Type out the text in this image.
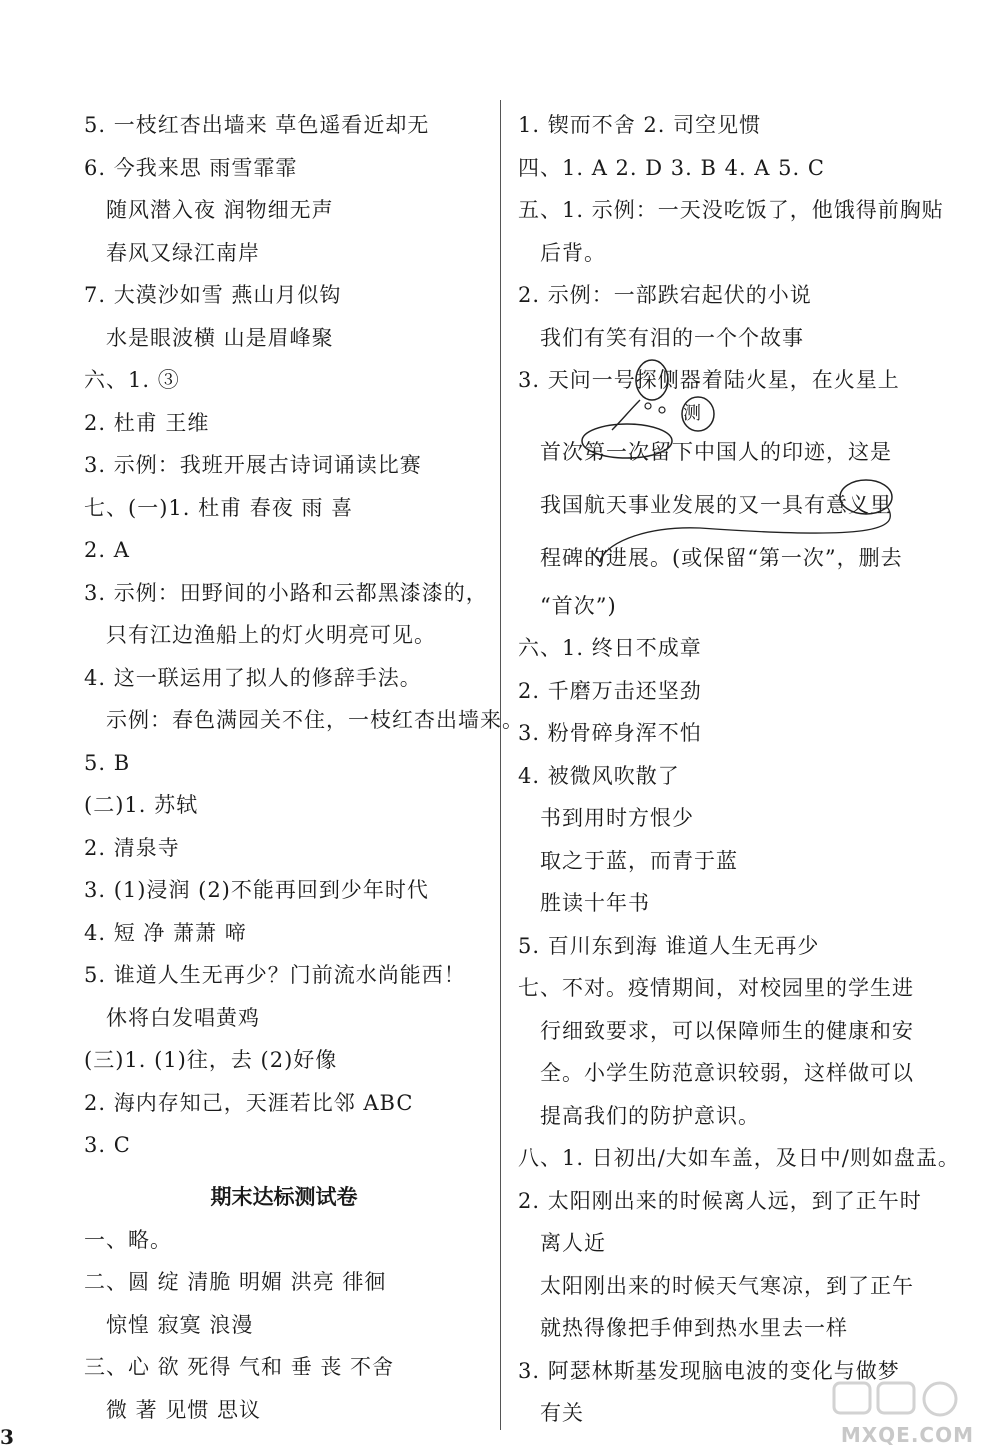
5. 一枝红杏出墙来 草色遥看近却无
6. 今我来思 雨雪霏霏
随风潜入夜 润物细无声
春风又绿江南岸
7. 大漠沙如雪 燕山月似钩
水是眼波横 山是眉峰聚
六、1. ③
2. 杜甫 王维
3. 示例：我班开展古诗词诵读比赛
七、(一)1. 杜甫 春夜 雨 喜
2. A
3. 示例：田野间的小路和云都黑漆漆的，
只有江边渔船上的灯火明亮可见。
4. 这一联运用了拟人的修辞手法。
示例：春色满园关不住，一枝红杏出墙来。
5. B
(二)1. 苏轼
2. 清泉寺
3. (1)浸润 (2)不能再回到少年时代
4. 短 净 萧萧 啼
5. 谁道人生无再少？门前流水尚能西！
休将白发唱黄鸡
(三)1. (1)往，去 (2)好像
2. 海内存知己，天涯若比邻 ABC
3. C
期末达标测试卷
一、略。
二、圆 绽 清脆 明媚 洪亮 徘徊
惊惶 寂寞 浪漫
三、心 欲 死得 气和 垂 丧 不舍
微 著 见惯 思议
1. 锲而不舍 2. 司空见惯
四、1. A 2. D 3. B 4. A 5. C
五、1. 示例：一天没吃饭了，他饿得前胸贴
后背。
2. 示例：一部跌宕起伏的小说
我们有笑有泪的一个个故事
3. 天问一号探侧器着陆火星，在火星上
测
首次第一次留下中国人的印迹，这是
我国航天事业发展的又一具有意义里
程碑的进展。(或保留“第一次”，删去
“首次”)
六、1. 终日不成章
2. 千磨万击还坚劲
3. 粉骨碎身浑不怕
4. 被微风吹散了
书到用时方恨少
取之于蓝，而青于蓝
胜读十年书
5. 百川东到海 谁道人生无再少
七、不对。疫情期间，对校园里的学生进
行细致要求，可以保障师生的健康和安
全。小学生防范意识较弱，这样做可以
提高我们的防护意识。
八、1. 日初出/大如车盖，及日中/则如盘盂。
2. 太阳刚出来的时候离人远，到了正午时
离人近
太阳刚出来的时候天气寒凉，到了正午
就热得像把手伸到热水里去一样
3. 阿瑟林斯基发现脑电波的变化与做梦
有关
3	MXQE.COM
